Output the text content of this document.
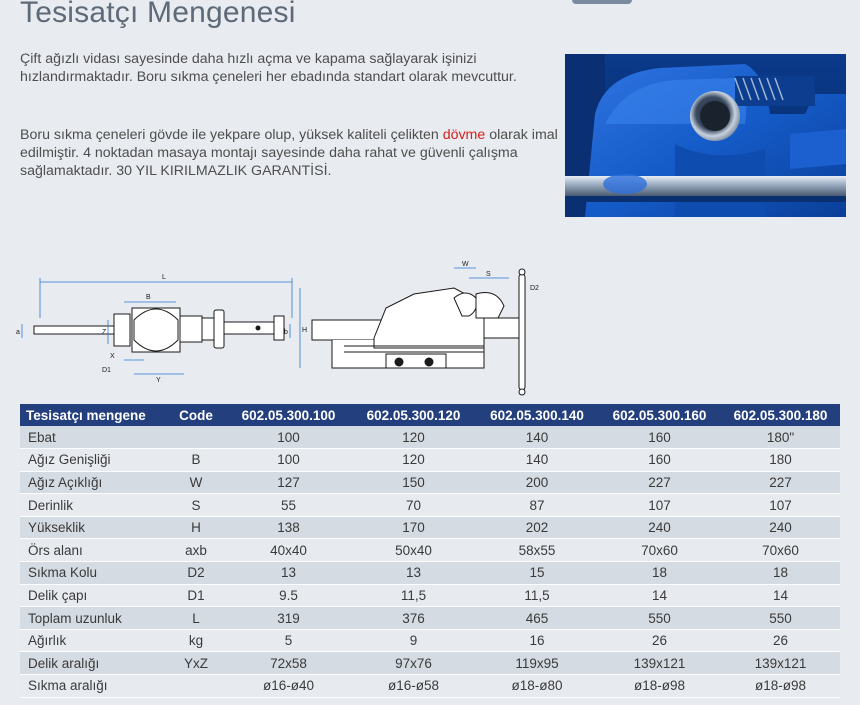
Tesisatçı Mengenesi

Çift ağızlı vidası sayesinde daha hızlı açma ve kapama sağlayarak işinizi hızlandırmaktadır. Boru sıkma çeneleri her ebadında standart olarak mevcuttur.

Boru sıkma çeneleri gövde ile yekpare olup, yüksek kaliteli çelikten dövme olarak imal edilmiştir. 4 noktadan masaya montajı sayesinde daha rahat ve güvenli çalışma sağlamaktadır. 30 YIL KIRILMAZLIK GARANTİSİ.

L
B
W
S
H
D2
D1
Y
a	b
X
Z
Tesisatçı mengene	Code	602.05.300.100	602.05.300.120	602.05.300.140	602.05.300.160	602.05.300.180
Ebat		100	120	140	160	180"
Ağız Genişliği	B	100	120	140	160	180
Ağız Açıklığı	W	127	150	200	227	227
Derinlik	S	55	70	87	107	107
Yükseklik	H	138	170	202	240	240
Örs alanı	axb	40x40	50x40	58x55	70x60	70x60
Sıkma Kolu	D2	13	13	15	18	18
Delik çapı	D1	9.5	11,5	11,5	14	14
Toplam uzunluk	L	319	376	465	550	550
Ağırlık	kg	5	9	16	26	26
Delik aralığı	YxZ	72x58	97x76	119x95	139x121	139x121
Sıkma aralığı		ø16-ø40	ø16-ø58	ø18-ø80	ø18-ø98	ø18-ø98
